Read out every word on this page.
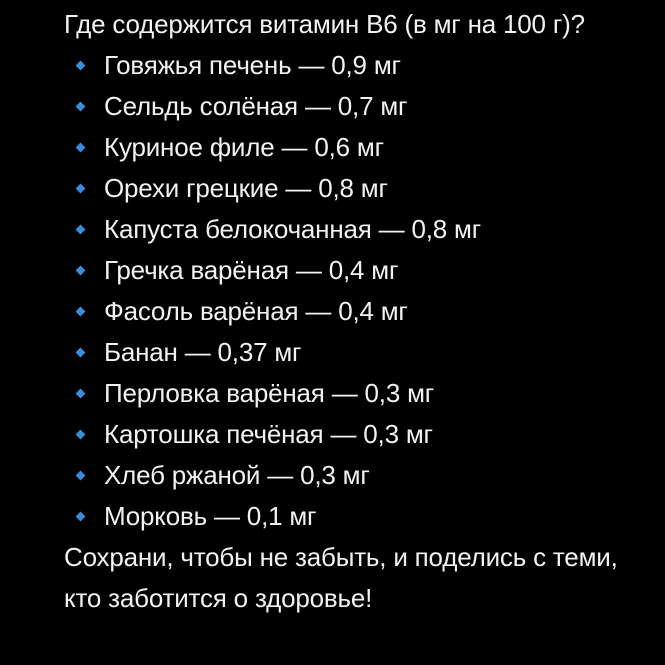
Где содержится витамин В6 (в мг на 100 г)?

Говяжья печень — 0,9 мг
Сельдь солёная — 0,7 мг
Куриное филе — 0,6 мг
Орехи грецкие — 0,8 мг
Капуста белокочанная — 0,8 мг
Гречка варёная — 0,4 мг
Фасоль варёная — 0,4 мг
Банан — 0,37 мг
Перловка варёная — 0,3 мг
Картошка печёная — 0,3 мг
Хлеб ржаной — 0,3 мг
Морковь — 0,1 мг

Сохрани, чтобы не забыть, и поделись с теми, кто заботится о здоровье!
